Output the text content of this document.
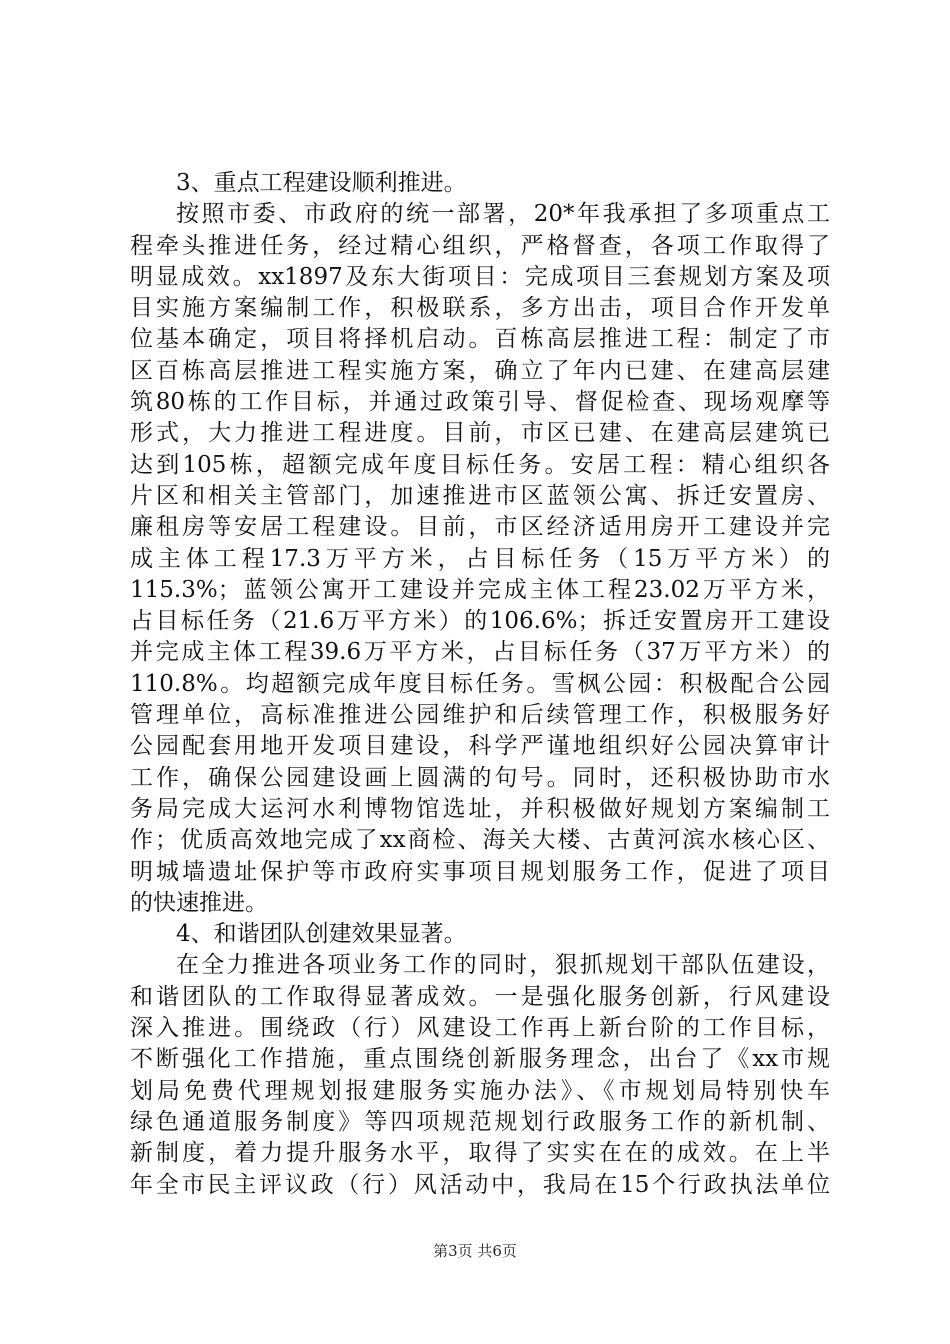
3、重点工程建设顺利推进。
按照市委、市政府的统一部署，20*年我承担了多项重点工
程牵头推进任务，经过精心组织，严格督查，各项工作取得了
明显成效。xx1897及东大街项目：完成项目三套规划方案及项
目实施方案编制工作，积极联系，多方出击，项目合作开发单
位基本确定，项目将择机启动。百栋高层推进工程：制定了市
区百栋高层推进工程实施方案，确立了年内已建、在建高层建
筑80栋的工作目标，并通过政策引导、督促检查、现场观摩等
形式，大力推进工程进度。目前，市区已建、在建高层建筑已
达到105栋，超额完成年度目标任务。安居工程：精心组织各
片区和相关主管部门，加速推进市区蓝领公寓、拆迁安置房、
廉租房等安居工程建设。目前，市区经济适用房开工建设并完
成主体工程17.3万平方米，占目标任务（15万平方米）的
115.3%；蓝领公寓开工建设并完成主体工程23.02万平方米，
占目标任务（21.6万平方米）的106.6%；拆迁安置房开工建设
并完成主体工程39.6万平方米，占目标任务（37万平方米）的
110.8%。均超额完成年度目标任务。雪枫公园：积极配合公园
管理单位，高标准推进公园维护和后续管理工作，积极服务好
公园配套用地开发项目建设，科学严谨地组织好公园决算审计
工作，确保公园建设画上圆满的句号。同时，还积极协助市水
务局完成大运河水利博物馆选址，并积极做好规划方案编制工
作；优质高效地完成了xx商检、海关大楼、古黄河滨水核心区、
明城墙遗址保护等市政府实事项目规划服务工作，促进了项目
的快速推进。
4、和谐团队创建效果显著。
在全力推进各项业务工作的同时，狠抓规划干部队伍建设，
和谐团队的工作取得显著成效。一是强化服务创新，行风建设
深入推进。围绕政（行）风建设工作再上新台阶的工作目标，
不断强化工作措施，重点围绕创新服务理念，出台了《xx市规
划局免费代理规划报建服务实施办法》、《市规划局特别快车
绿色通道服务制度》等四项规范规划行政服务工作的新机制、
新制度，着力提升服务水平，取得了实实在在的成效。在上半
年全市民主评议政（行）风活动中，我局在15个行政执法单位
第3页 共6页
